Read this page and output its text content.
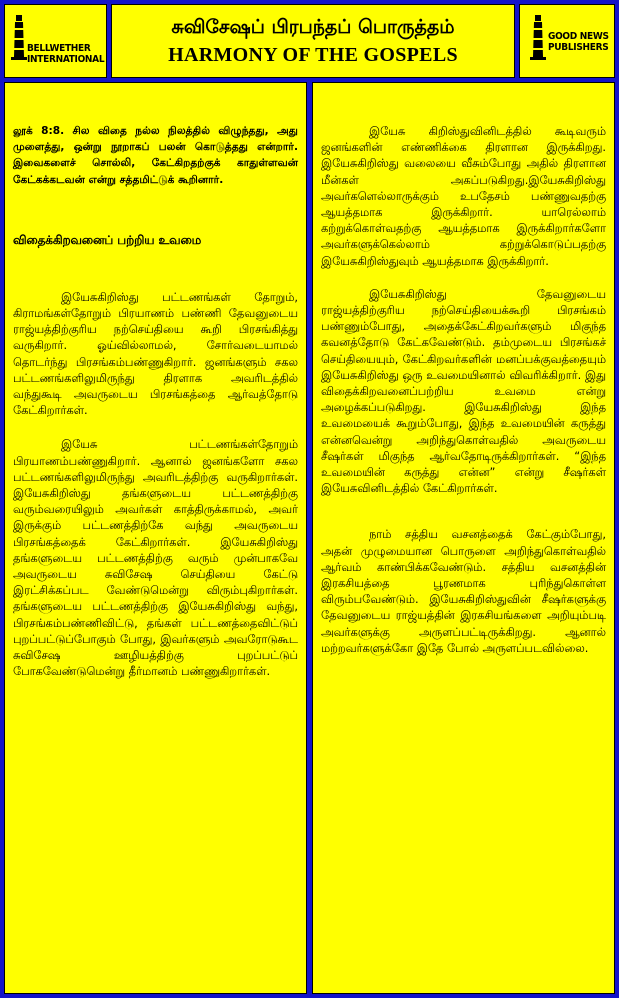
BELLWETHER
INTERNATIONAL
சுவிசேஷப் பிரபந்தப் பொருத்தம்
HARMONY OF THE GOSPELS
GOOD NEWS
PUBLISHERS

லூக் 8:8. சில விதை நல்ல நிலத்தில் விழுந்தது, அது முளைத்து, ஒன்று நூறாகப் பலன் கொடுத்தது என்றார். இவைகளைச் சொல்லி, கேட்கிறதற்குக் காதுள்ளவன் கேட்கக்கடவன் என்று சத்தமிட்டுக் கூறினார்.

விதைக்கிறவனைப் பற்றிய உவமை

இயேசுகிறிஸ்து பட்டணங்கள் தோறும், கிராமங்கள்தோறும் பிரயாணம் பண்ணி தேவனுடைய ராஜ்யத்திற்குரிய நற்செய்தியை கூறி பிரசங்கித்து வருகிறார். ஓய்வில்லாமல், சோர்வடையாமல் தொடர்ந்து பிரசங்கம்பண்ணுகிறார். ஜனங்களும் சகல பட்டணங்களிலுமிருந்து திரளாக அவரிடத்தில் வந்துகூடி அவருடைய பிரசங்கத்தை ஆர்வத்தோடு கேட்கிறார்கள்.

இயேசு பட்டணங்கள்தோறும் பிரயாணம்பண்ணுகிறார். ஆனால் ஜனங்களோ சகல பட்டணங்களிலுமிருந்து அவரிடத்திற்கு வருகிறார்கள். இயேசுகிறிஸ்து தங்களுடைய பட்டணத்திற்கு வரும்வரையிலும் அவர்கள் காத்திருக்காமல், அவர் இருக்கும் பட்டணத்திற்கே வந்து அவருடைய பிரசங்கத்தைக் கேட்கிறார்கள். இயேசுகிறிஸ்து தங்களுடைய பட்டணத்திற்கு வரும் முன்பாகவே அவருடைய சுவிசேஷ செய்தியை கேட்டு இரட்சிக்கப்பட வேண்டுமென்று விரும்புகிறார்கள். தங்களுடைய பட்டணத்திற்கு இயேசுகிறிஸ்து வந்து, பிரசங்கம்பண்ணிவிட்டு, தங்கள் பட்டணத்தைவிட்டுப் புறப்பட்டுப்போகும் போது, இவர்களும் அவரோடுகூட சுவிசேஷ ஊழியத்திற்கு புறப்பட்டுப் போகவேண்டுமென்று தீர்மானம் பண்ணுகிறார்கள்.

இயேசு கிறிஸ்துவினிடத்தில் கூடிவரும் ஜனங்களின் எண்ணிக்கை திரளான இருக்கிறது. இயேசுகிறிஸ்து வலையை வீசும்போது அதில் திரளான மீன்கள் அகப்படுகிறது.இயேசுகிறிஸ்து அவர்களெல்லாருக்கும் உபதேசம் பண்ணுவதற்கு ஆயத்தமாக இருக்கிறார். யாரெல்லாம் கற்றுக்கொள்வதற்கு ஆயத்தமாக இருக்கிறார்களோ அவர்களுக்கெல்லாம் கற்றுக்கொடுப்பதற்கு இயேசுகிறிஸ்துவும் ஆயத்தமாக இருக்கிறார்.

இயேசுகிறிஸ்து தேவனுடைய ராஜ்யத்திற்குரிய நற்செய்தியைக்கூறி பிரசங்கம் பண்ணும்போது, அதைக்கேட்கிறவர்களும் மிகுந்த கவனத்தோடு கேட்கவேண்டும். தம்முடைய பிரசங்கச் செய்தியையும், கேட்கிறவர்களின் மனப்பக்குவத்தையும் இயேசுகிறிஸ்து ஒரு உவமையினால் விவரிக்கிறார். இது விதைக்கிறவனைப்பற்றிய உவமை என்று அழைக்கப்படுகிறது. இயேசுகிறிஸ்து இந்த உவமையைக் கூறும்போது, இந்த உவமையின் கருத்து என்னவென்று அறிந்துகொள்வதில் அவருடைய சீஷர்கள் மிகுந்த ஆர்வதோடிருக்கிறார்கள். “இந்த உவமையின் கருத்து என்ன” என்று சீஷர்கள் இயேசுவினிடத்தில் கேட்கிறார்கள்.

நாம் சத்திய வசனத்தைக் கேட்கும்போது, அதன் முழுமையான பொருளை அறிந்துகொள்வதில் ஆர்வம் காண்பிக்கவேண்டும். சத்திய வசனத்தின் இரகசியத்தை பூரணமாக புரிந்துகொள்ள விரும்பவேண்டும். இயேசுகிறிஸ்துவின் சீஷர்களுக்கு தேவனுடைய ராஜ்யத்தின் இரகசியங்களை அறியும்படி அவர்களுக்கு அருளப்பட்டிருக்கிறது. ஆனால் மற்றவர்களுக்கோ இதே போல் அருளப்படவில்லை.
